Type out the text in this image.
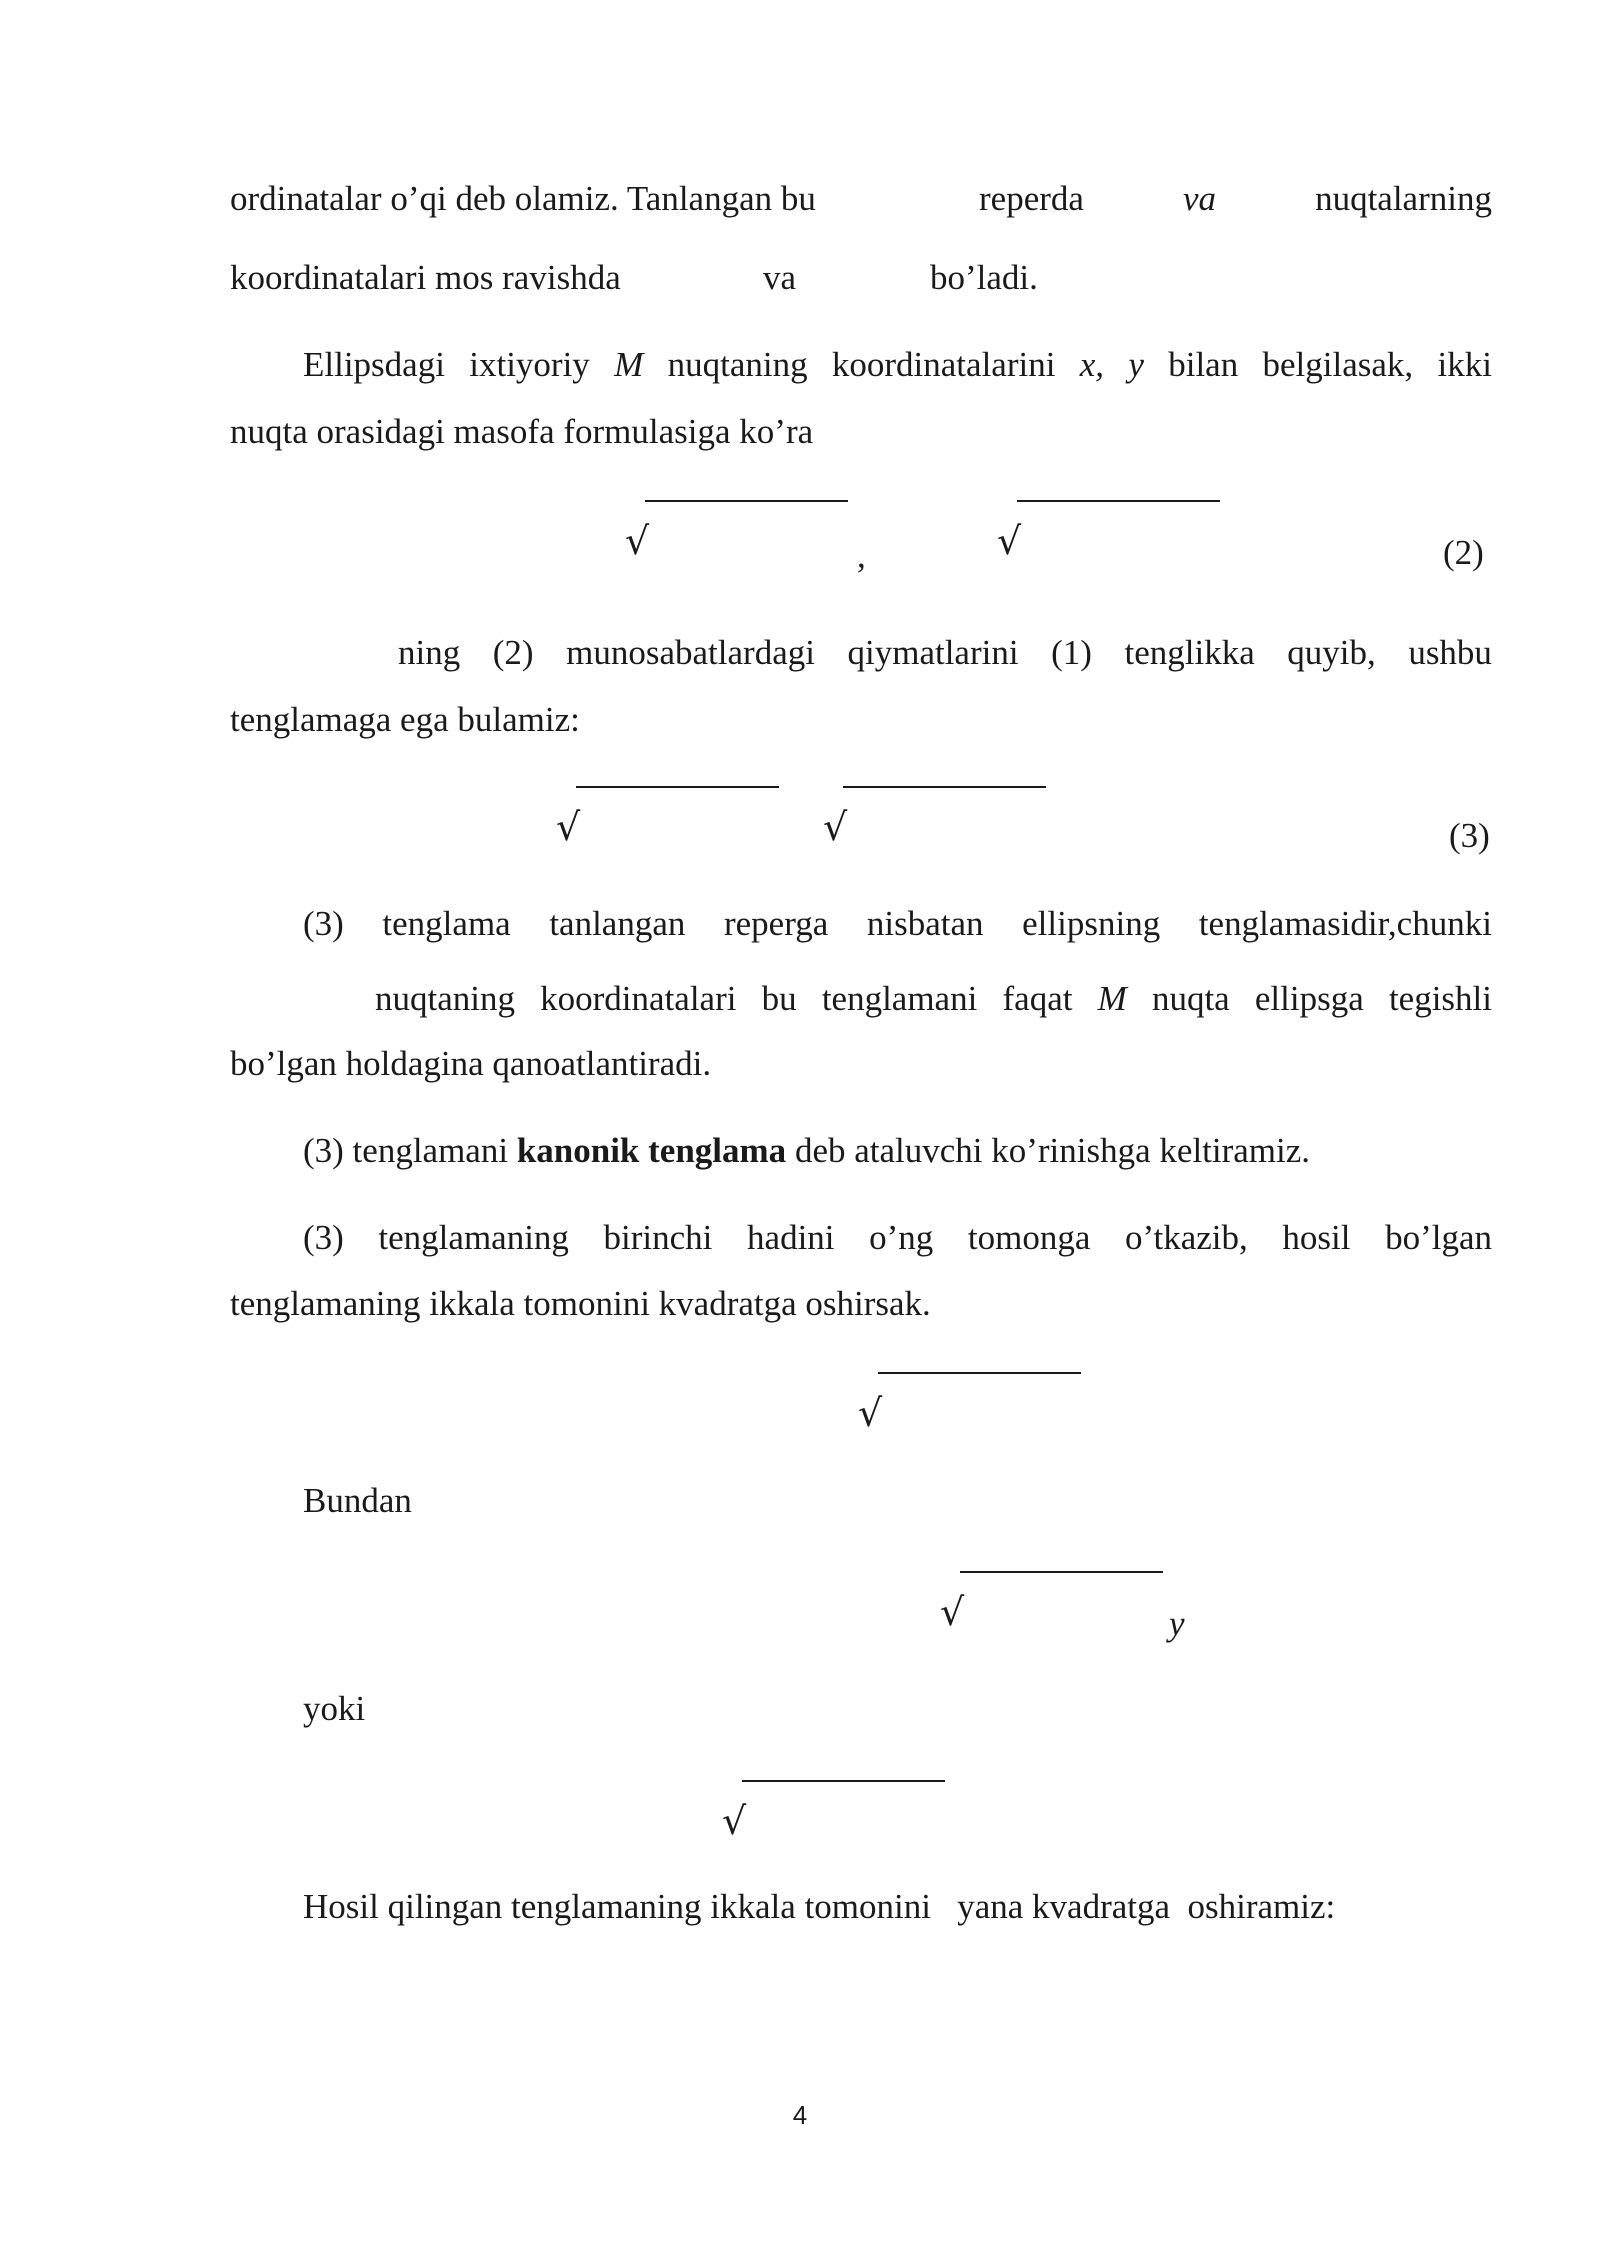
ordinatalar o’qi deb olamiz. Tanlangan bu	reperda	va	nuqtalarning
koordinatalari mos ravishda	va	bo’ladi.
Ellipsdagi ixtiyoriy M nuqtaning koordinatalarini x, y bilan belgilasak, ikki
nuqta orasidagi masofa formulasiga ko’ra
√	,	√	(2)
ning (2) munosabatlardagi qiymatlarini (1) tenglikka quyib, ushbu
tenglamaga ega bulamiz:
√	√	(3)
(3) tenglama tanlangan reperga nisbatan ellipsning tenglamasidir,chunki
nuqtaning koordinatalari bu tenglamani faqat M nuqta ellipsga tegishli
bo’lgan holdagina qanoatlantiradi.
(3) tenglamani kanonik tenglama deb ataluvchi ko’rinishga keltiramiz.
(3) tenglamaning birinchi hadini o’ng tomonga o’tkazib, hosil bo’lgan
tenglamaning ikkala tomonini kvadratga oshirsak.
√
Bundan
√	y
yoki
√
Hosil qilingan tenglamaning ikkala tomonini   yana kvadratga  oshiramiz:
4
